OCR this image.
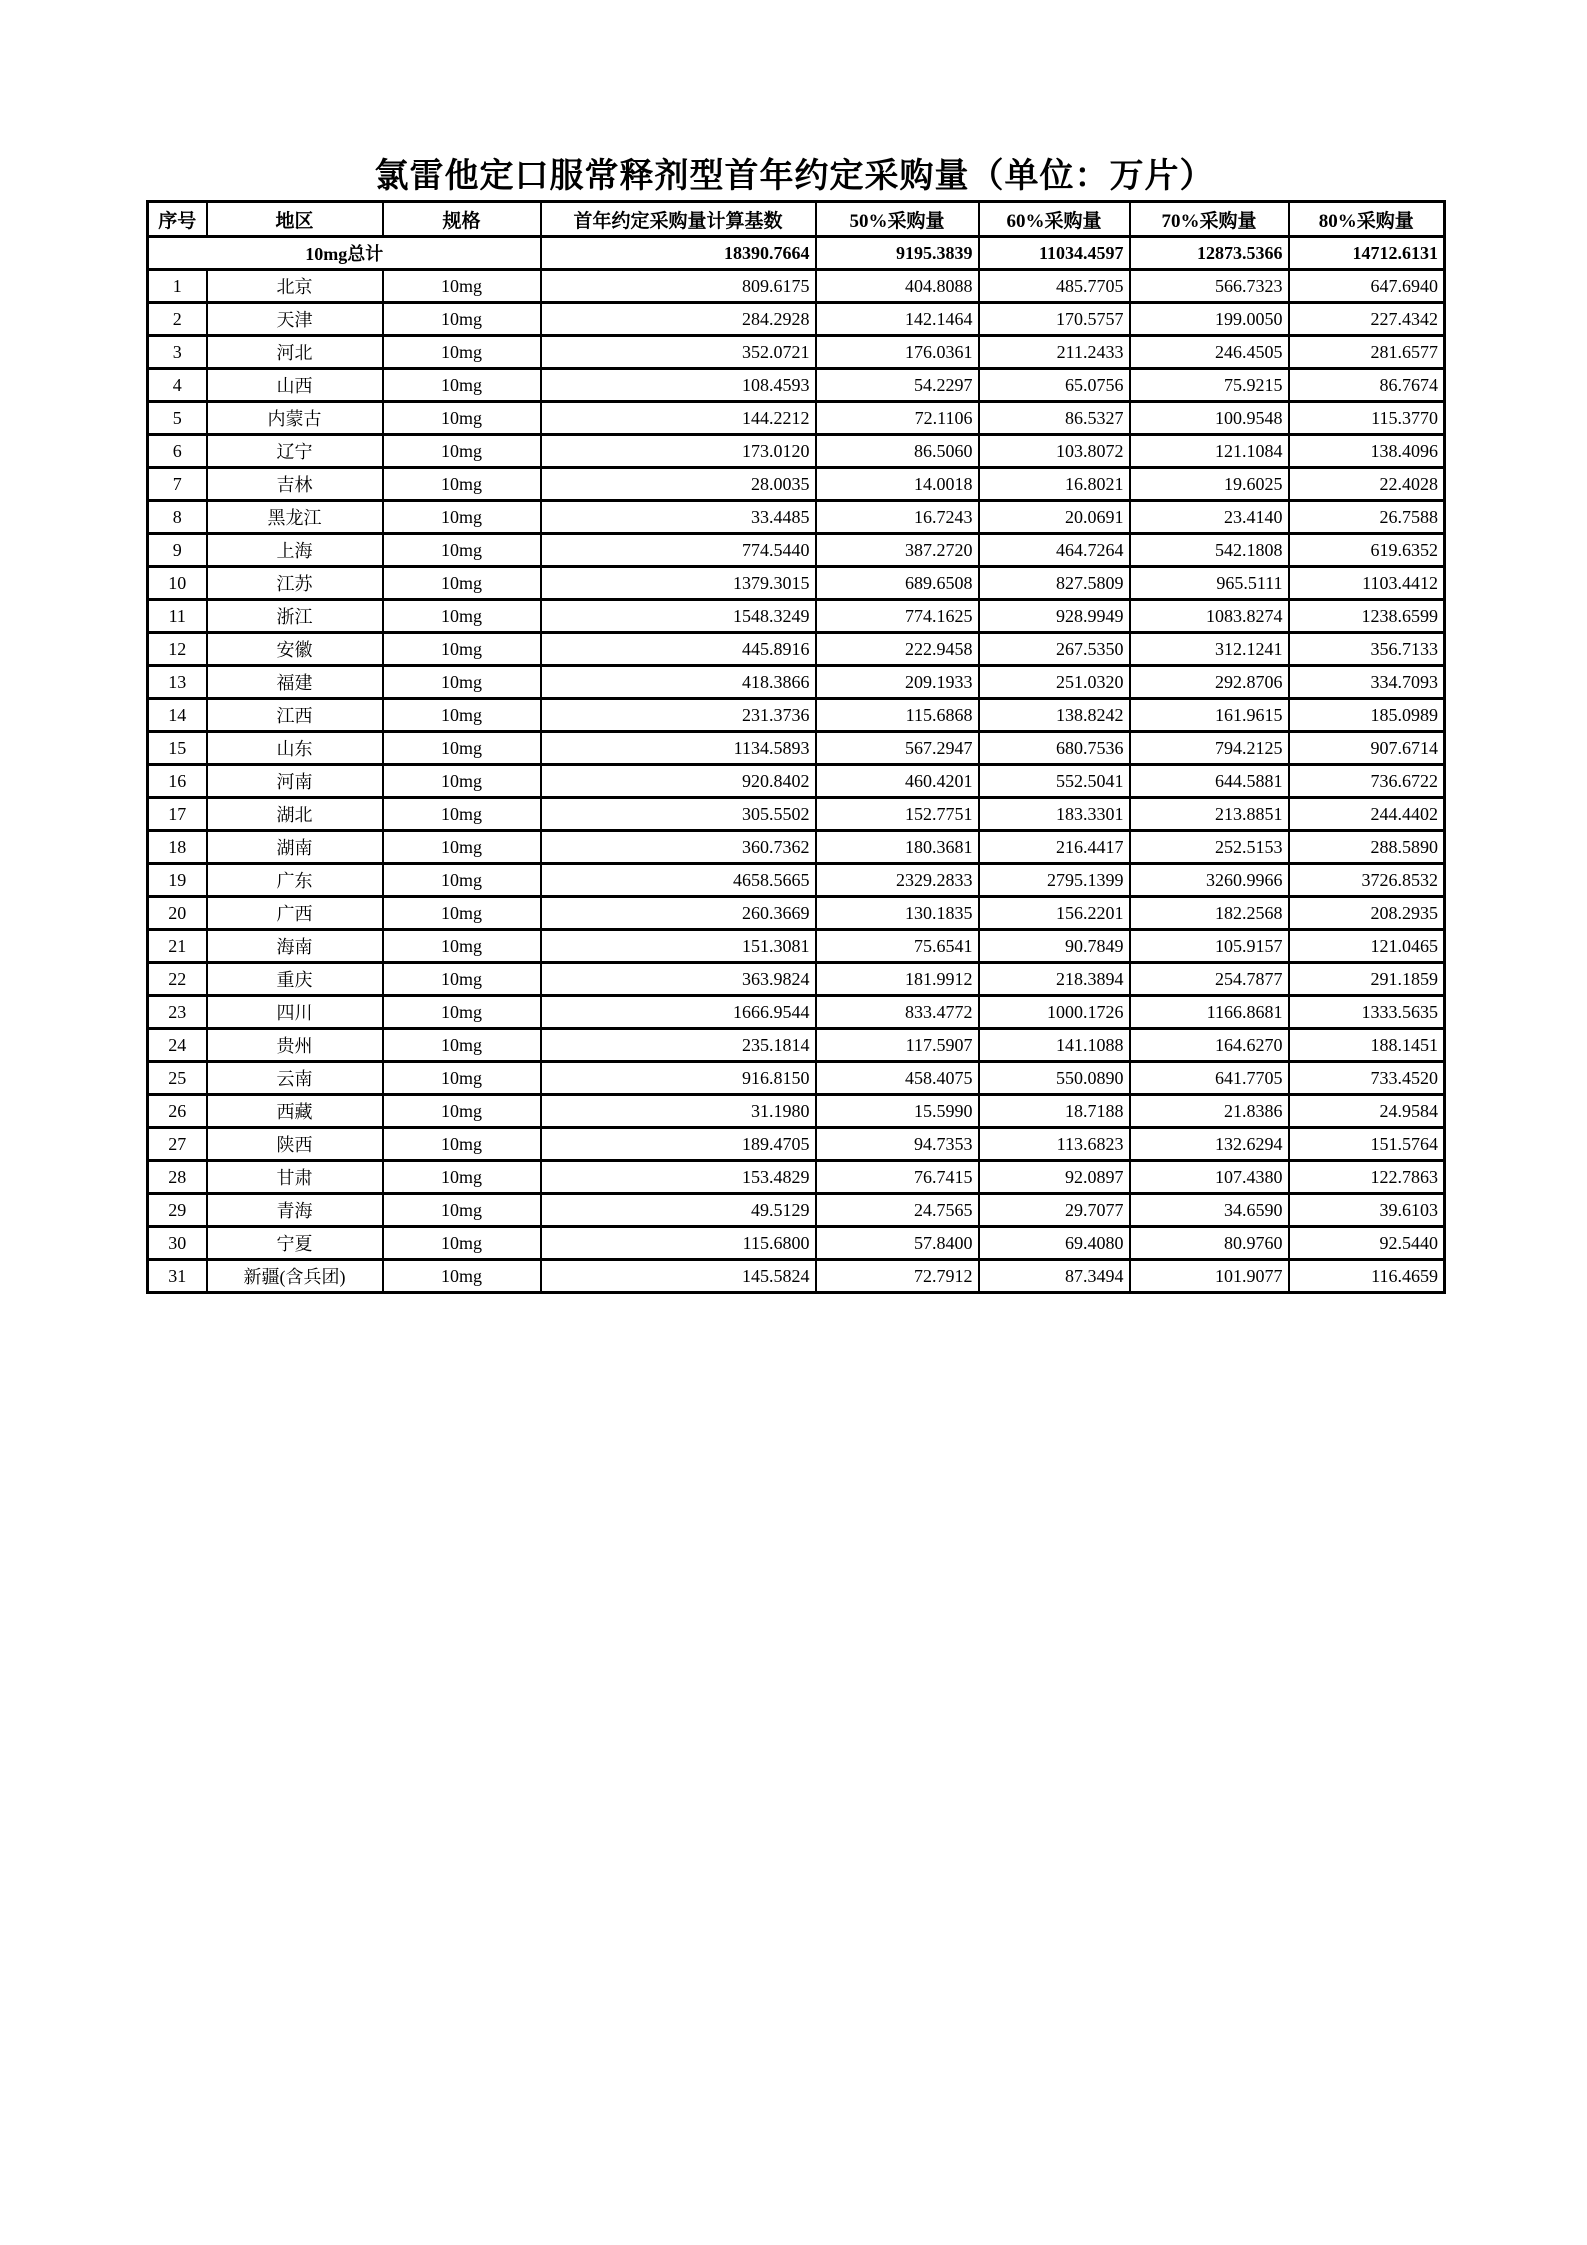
氯雷他定口服常释剂型首年约定采购量（单位：万片）
序号	地区	规格	首年约定采购量计算基数	50%采购量	60%采购量	70%采购量	80%采购量
10mg总计			18390.7664	9195.3839	11034.4597	12873.5366	14712.6131
1	北京	10mg	809.6175	404.8088	485.7705	566.7323	647.6940
2	天津	10mg	284.2928	142.1464	170.5757	199.0050	227.4342
3	河北	10mg	352.0721	176.0361	211.2433	246.4505	281.6577
4	山西	10mg	108.4593	54.2297	65.0756	75.9215	86.7674
5	内蒙古	10mg	144.2212	72.1106	86.5327	100.9548	115.3770
6	辽宁	10mg	173.0120	86.5060	103.8072	121.1084	138.4096
7	吉林	10mg	28.0035	14.0018	16.8021	19.6025	22.4028
8	黑龙江	10mg	33.4485	16.7243	20.0691	23.4140	26.7588
9	上海	10mg	774.5440	387.2720	464.7264	542.1808	619.6352
10	江苏	10mg	1379.3015	689.6508	827.5809	965.5111	1103.4412
11	浙江	10mg	1548.3249	774.1625	928.9949	1083.8274	1238.6599
12	安徽	10mg	445.8916	222.9458	267.5350	312.1241	356.7133
13	福建	10mg	418.3866	209.1933	251.0320	292.8706	334.7093
14	江西	10mg	231.3736	115.6868	138.8242	161.9615	185.0989
15	山东	10mg	1134.5893	567.2947	680.7536	794.2125	907.6714
16	河南	10mg	920.8402	460.4201	552.5041	644.5881	736.6722
17	湖北	10mg	305.5502	152.7751	183.3301	213.8851	244.4402
18	湖南	10mg	360.7362	180.3681	216.4417	252.5153	288.5890
19	广东	10mg	4658.5665	2329.2833	2795.1399	3260.9966	3726.8532
20	广西	10mg	260.3669	130.1835	156.2201	182.2568	208.2935
21	海南	10mg	151.3081	75.6541	90.7849	105.9157	121.0465
22	重庆	10mg	363.9824	181.9912	218.3894	254.7877	291.1859
23	四川	10mg	1666.9544	833.4772	1000.1726	1166.8681	1333.5635
24	贵州	10mg	235.1814	117.5907	141.1088	164.6270	188.1451
25	云南	10mg	916.8150	458.4075	550.0890	641.7705	733.4520
26	西藏	10mg	31.1980	15.5990	18.7188	21.8386	24.9584
27	陕西	10mg	189.4705	94.7353	113.6823	132.6294	151.5764
28	甘肃	10mg	153.4829	76.7415	92.0897	107.4380	122.7863
29	青海	10mg	49.5129	24.7565	29.7077	34.6590	39.6103
30	宁夏	10mg	115.6800	57.8400	69.4080	80.9760	92.5440
31	新疆(含兵团)	10mg	145.5824	72.7912	87.3494	101.9077	116.4659
